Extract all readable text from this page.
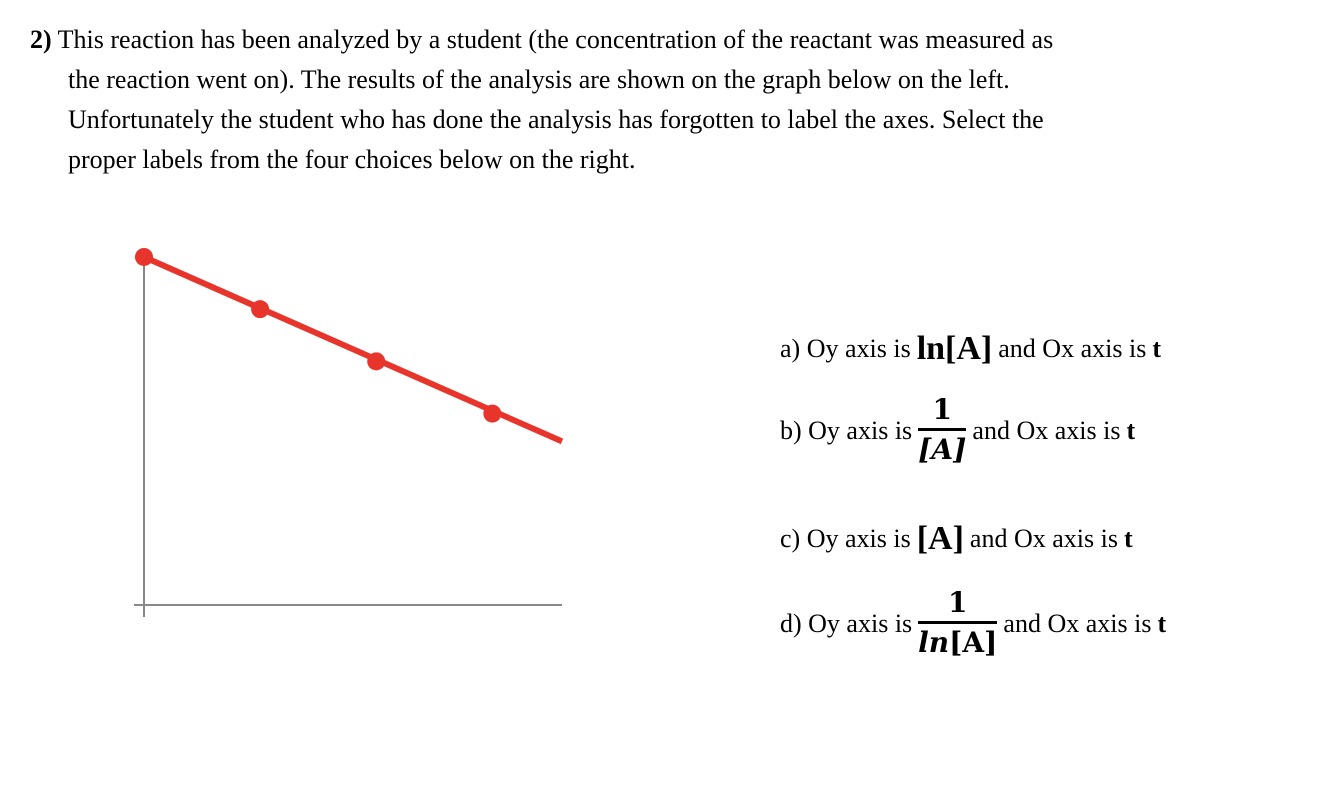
2) This reaction has been analyzed by a student (the concentration of the reactant was measured as
the reaction went on). The results of the analysis are shown on the graph below on the left.
Unfortunately the student who has done the analysis has forgotten to label the axes. Select the
proper labels from the four choices below on the right.
a) Oy axis is ln[A] and Ox axis is t
b) Oy axis is $\frac{1}{[A]}$ and Ox axis is t
c) Oy axis is [A] and Ox axis is t
d) Oy axis is $\frac{1}{\ln[A]}$ and Ox axis is t
